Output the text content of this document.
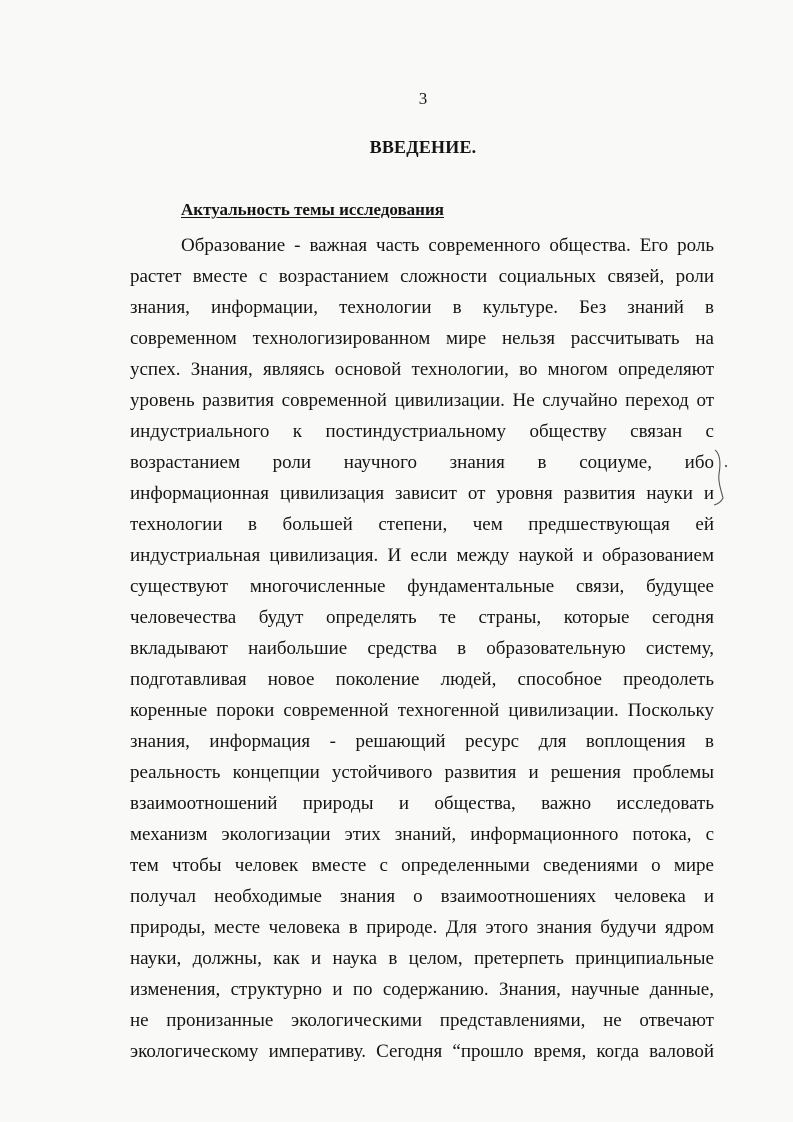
3
ВВЕДЕНИЕ.
Актуальность темы исследования
Образование - важная часть современного общества. Его роль
растет вместе с возрастанием сложности социальных связей, роли
знания, информации, технологии в культуре. Без знаний в
современном технологизированном мире нельзя рассчитывать на
успех. Знания, являясь основой технологии, во многом определяют
уровень развития современной цивилизации. Не случайно переход от
индустриального к постиндустриальному обществу связан с
возрастанием роли научного знания в социуме, ибо
информационная цивилизация зависит от уровня развития науки и
технологии в большей степени, чем предшествующая ей
индустриальная цивилизация. И если между наукой и образованием
существуют многочисленные фундаментальные связи, будущее
человечества будут определять те страны, которые сегодня
вкладывают наибольшие средства в образовательную систему,
подготавливая новое поколение людей, способное преодолеть
коренные пороки современной техногенной цивилизации. Поскольку
знания, информация - решающий ресурс для воплощения в
реальность концепции устойчивого развития и решения проблемы
взаимоотношений природы и общества, важно исследовать
механизм экологизации этих знаний, информационного потока, с
тем чтобы человек вместе с определенными сведениями о мире
получал необходимые знания о взаимоотношениях человека и
природы, месте человека в природе. Для этого знания будучи ядром
науки, должны, как и наука в целом, претерпеть принципиальные
изменения, структурно и по содержанию. Знания, научные данные,
не пронизанные экологическими представлениями, не отвечают
экологическому императиву. Сегодня “прошло время, когда валовой
